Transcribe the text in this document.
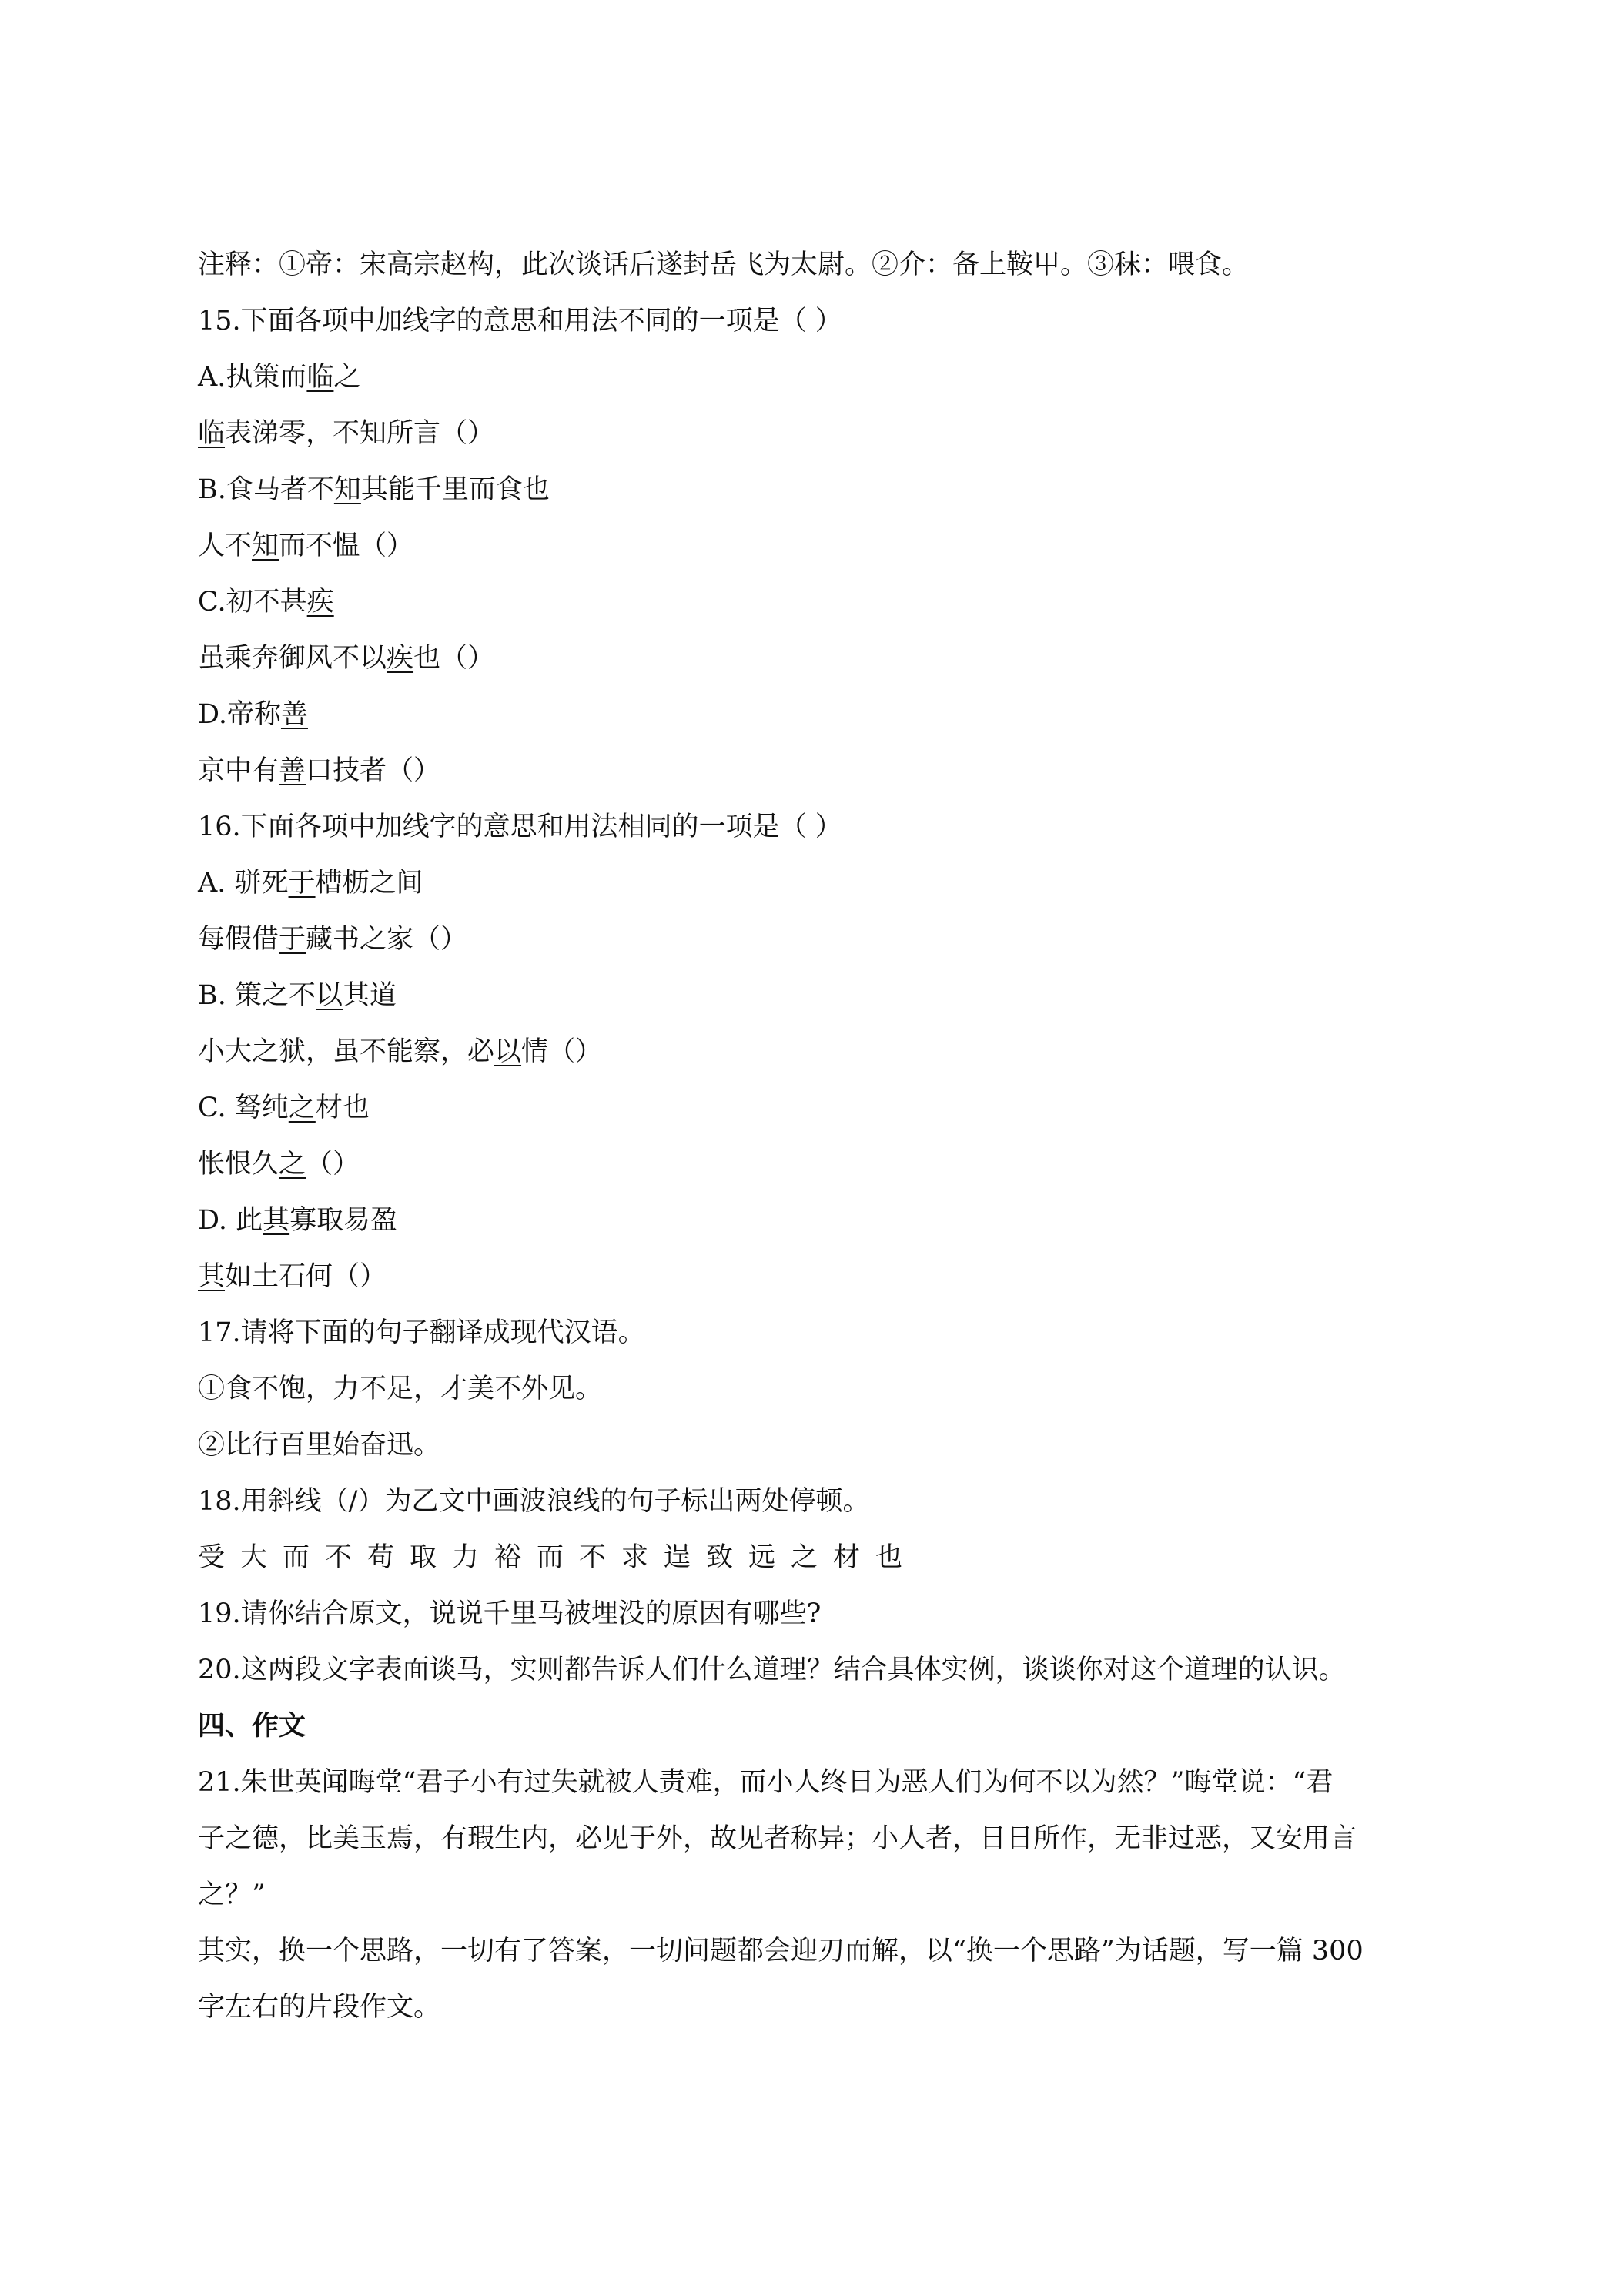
注释：①帝：宋高宗赵构，此次谈话后遂封岳飞为太尉。②介：备上鞍甲。③秣：喂食。
15.下面各项中加线字的意思和用法不同的一项是（ ）
A.执策而临之
临表涕零，不知所言（）
B.食马者不知其能千里而食也
人不知而不愠（）
C.初不甚疾
虽乘奔御风不以疾也（）
D.帝称善
京中有善口技者（）
16.下面各项中加线字的意思和用法相同的一项是（ ）
A. 骈死于槽枥之间
每假借于藏书之家（）
B. 策之不以其道
小大之狱，虽不能察，必以情（）
C. 驽纯之材也
怅恨久之（）
D. 此其寡取易盈
其如土石何（）
17.请将下面的句子翻译成现代汉语。
①食不饱，力不足，才美不外见。
②比行百里始奋迅。
18.用斜线（/）为乙文中画波浪线的句子标出两处停顿。
受大而不苟取力裕而不求逞致远之材也
19.请你结合原文，说说千里马被埋没的原因有哪些?
20.这两段文字表面谈马，实则都告诉人们什么道理？结合具体实例，谈谈你对这个道理的认识。
四、作文
21.朱世英闻晦堂“君子小有过失就被人责难，而小人终日为恶人们为何不以为然？”晦堂说：“君
子之德，比美玉焉，有瑕生内，必见于外，故见者称异；小人者，日日所作，无非过恶，又安用言
之？”
其实，换一个思路，一切有了答案，一切问题都会迎刃而解，以“换一个思路”为话题，写一篇 300
字左右的片段作文。
